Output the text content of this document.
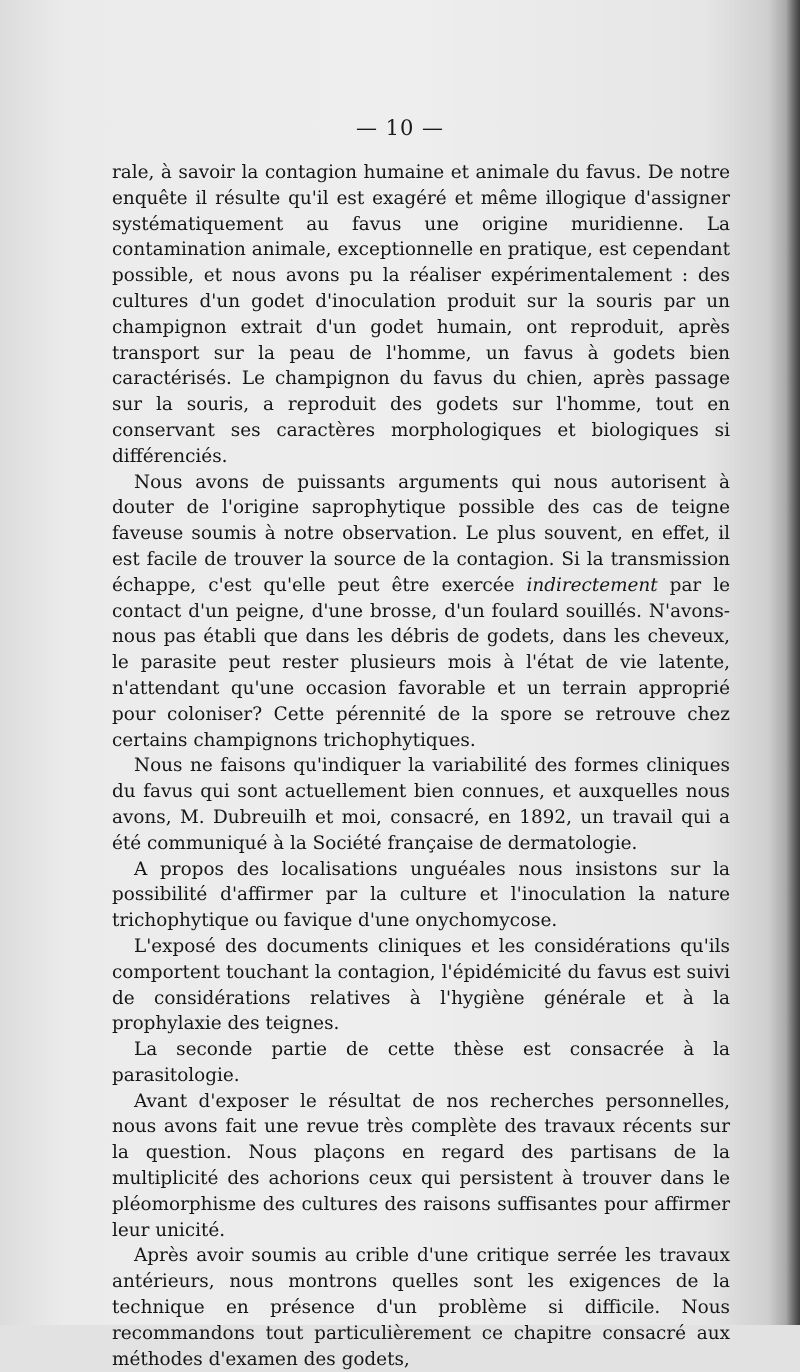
— 10 —

rale, à savoir la contagion humaine et animale du favus. De notre enquête il résulte qu'il est exagéré et même illogique d'assigner systématiquement au favus une origine muridienne. La contamination animale, exceptionnelle en pratique, est cependant possible, et nous avons pu la réaliser expérimentalement : des cultures d'un godet d'inoculation produit sur la souris par un champignon extrait d'un godet humain, ont reproduit, après transport sur la peau de l'homme, un favus à godets bien caractérisés. Le champignon du favus du chien, après passage sur la souris, a reproduit des godets sur l'homme, tout en conservant ses caractères morphologiques et biologiques si différenciés.

Nous avons de puissants arguments qui nous autorisent à douter de l'origine saprophytique possible des cas de teigne faveuse soumis à notre observation. Le plus souvent, en effet, il est facile de trouver la source de la contagion. Si la transmission échappe, c'est qu'elle peut être exercée indirectement par le contact d'un peigne, d'une brosse, d'un foulard souillés. N'avons-nous pas établi que dans les débris de godets, dans les cheveux, le parasite peut rester plusieurs mois à l'état de vie latente, n'attendant qu'une occasion favorable et un terrain approprié pour coloniser? Cette pérennité de la spore se retrouve chez certains champignons trichophytiques.

Nous ne faisons qu'indiquer la variabilité des formes cliniques du favus qui sont actuellement bien connues, et auxquelles nous avons, M. Dubreuilh et moi, consacré, en 1892, un travail qui a été communiqué à la Société française de dermatologie.

A propos des localisations unguéales nous insistons sur la possibilité d'affirmer par la culture et l'inoculation la nature trichophytique ou favique d'une onychomycose.

L'exposé des documents cliniques et les considérations qu'ils comportent touchant la contagion, l'épidémicité du favus est suivi de considérations relatives à l'hygiène générale et à la prophylaxie des teignes.

La seconde partie de cette thèse est consacrée à la parasitologie.

Avant d'exposer le résultat de nos recherches personnelles, nous avons fait une revue très complète des travaux récents sur la question. Nous plaçons en regard des partisans de la multiplicité des achorions ceux qui persistent à trouver dans le pléomorphisme des cultures des raisons suffisantes pour affirmer leur unicité.

Après avoir soumis au crible d'une critique serrée les travaux antérieurs, nous montrons quelles sont les exigences de la technique en présence d'un problème si difficile. Nous recommandons tout particulièrement ce chapitre consacré aux méthodes d'examen des godets,
